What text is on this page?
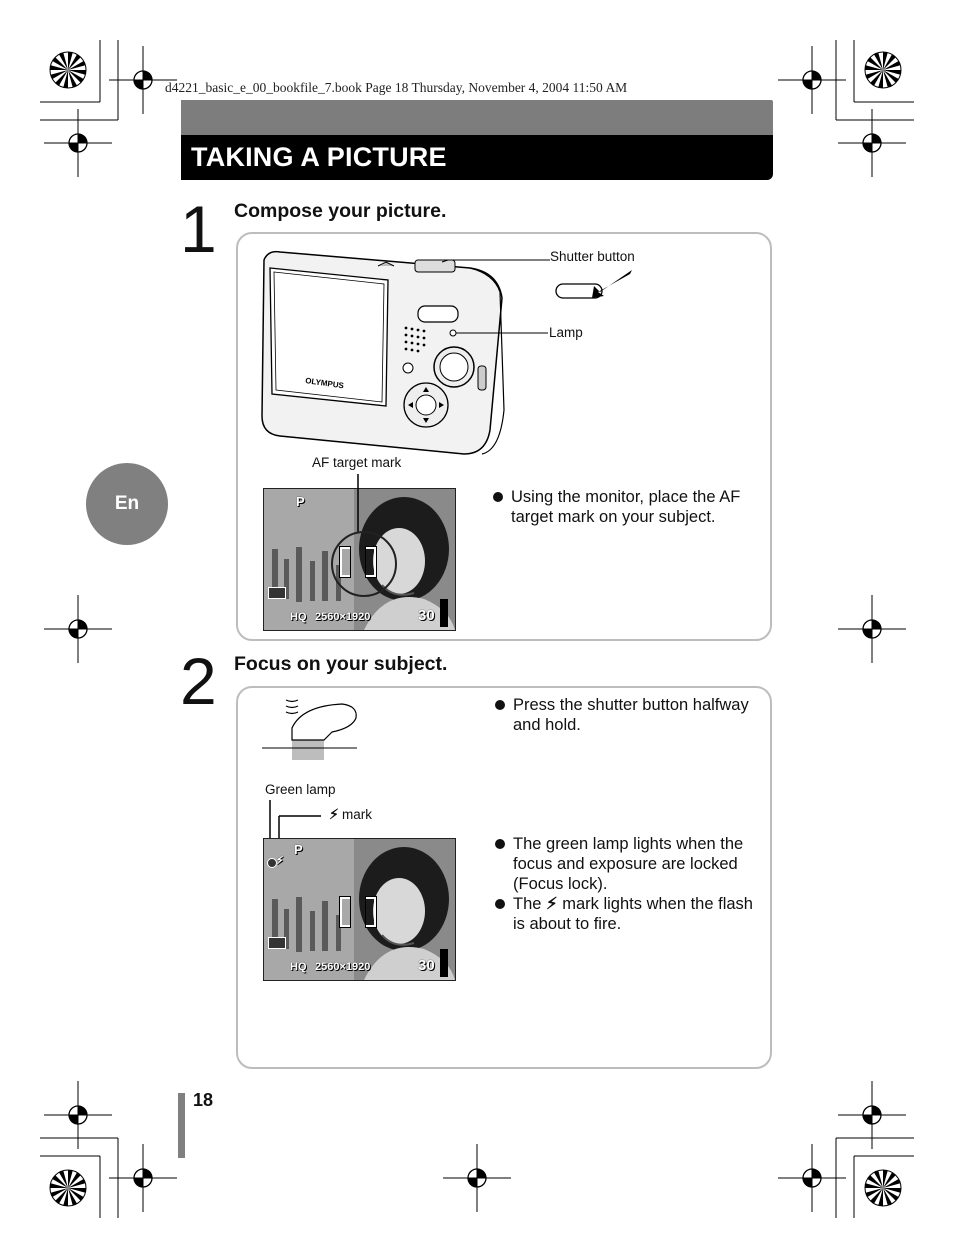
d4221_basic_e_00_bookfile_7.book Page 18 Thursday, November 4, 2004 11:50 AM
TAKING A PICTURE
En
1 Compose your picture.
OLYMPUS
Shutter button
Lamp
AF target mark
P
HQ 2560×1920	30
Using the monitor, place the AF target mark on your subject.
2 Focus on your subject.
Press the shutter button halfway and hold.
Green lamp
⚡︎ mark
⚡︎
P
HQ 2560×1920	30
The green lamp lights when the focus and exposure are locked (Focus lock).
The ⚡︎ mark lights when the flash is about to fire.
18
